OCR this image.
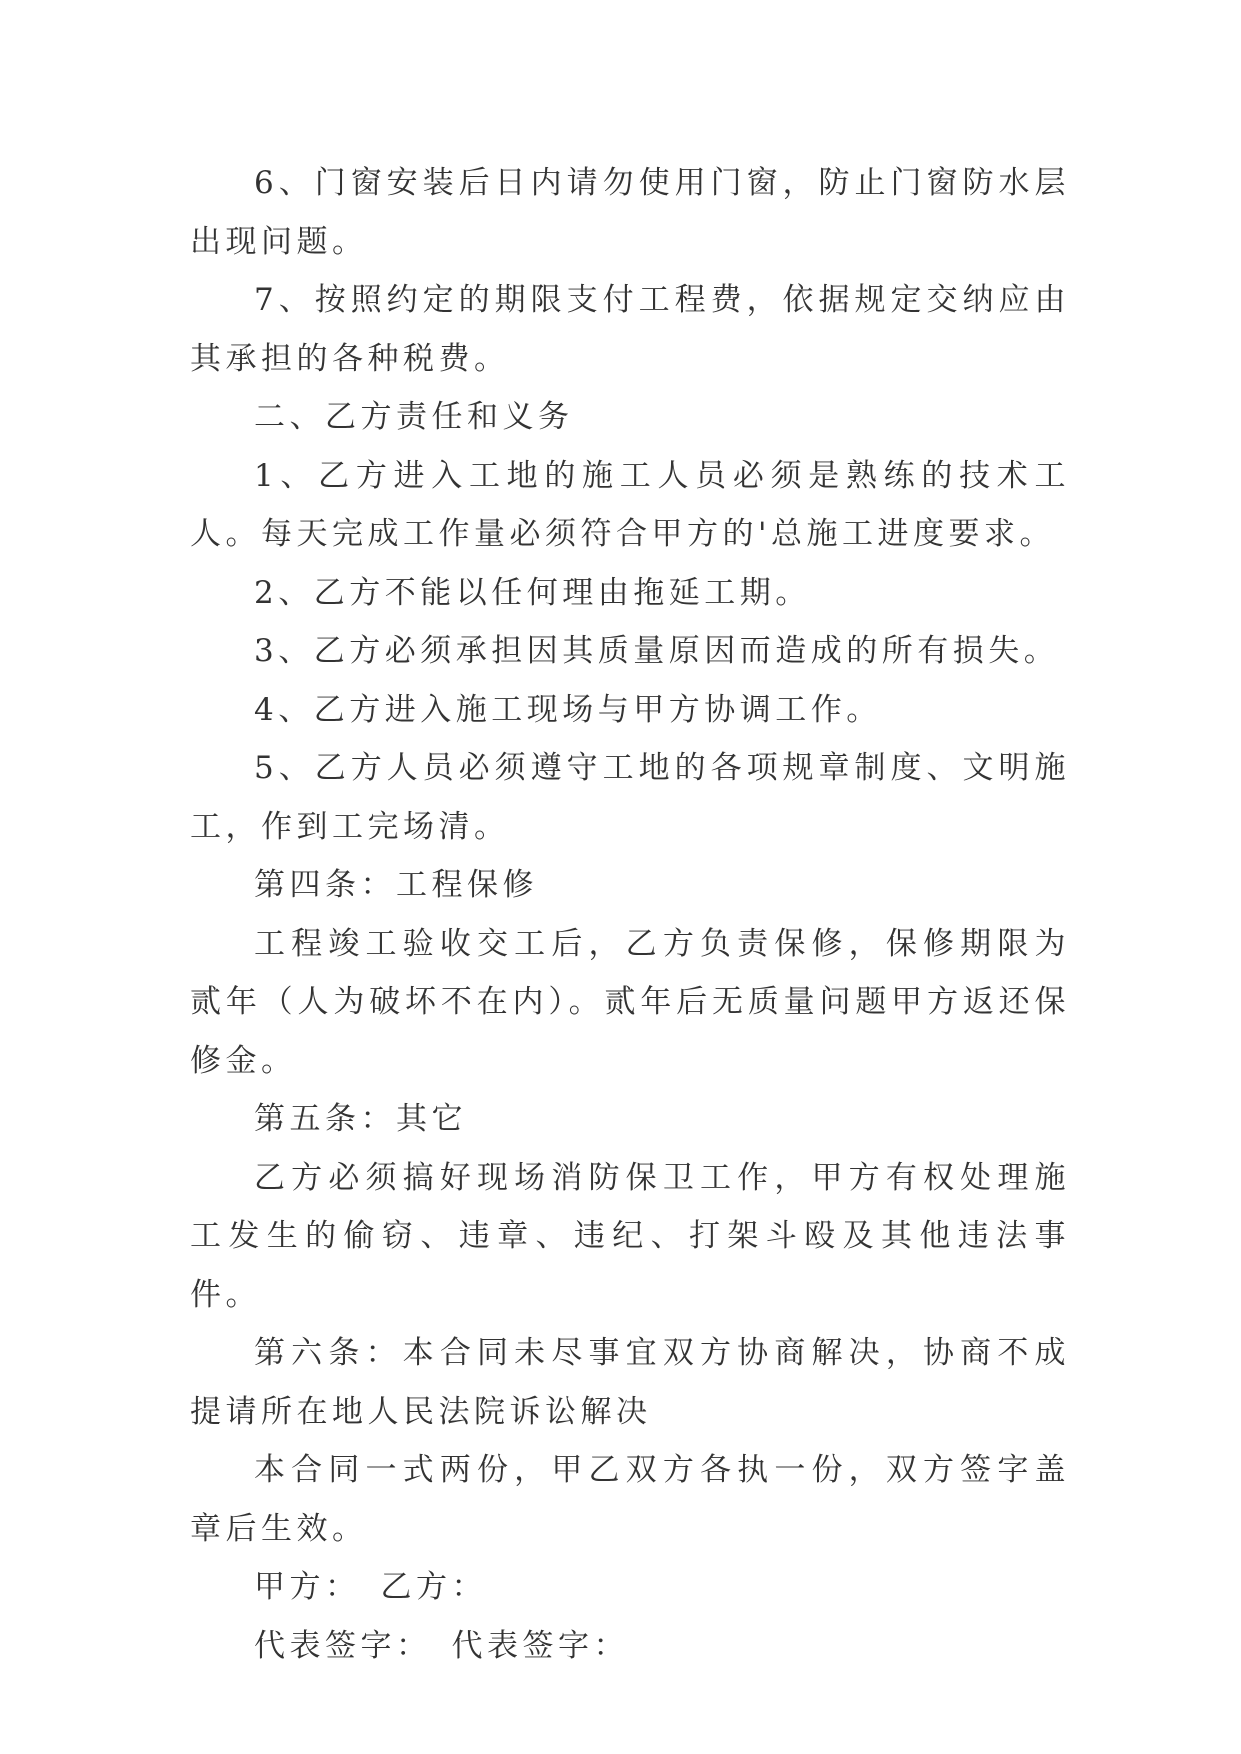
6、门窗安装后日内请勿使用门窗，防止门窗防水层出现问题。

7、按照约定的期限支付工程费，依据规定交纳应由其承担的各种税费。

二、乙方责任和义务

1、乙方进入工地的施工人员必须是熟练的技术工人。每天完成工作量必须符合甲方的'总施工进度要求。

2、乙方不能以任何理由拖延工期。

3、乙方必须承担因其质量原因而造成的所有损失。

4、乙方进入施工现场与甲方协调工作。

5、乙方人员必须遵守工地的各项规章制度、文明施工，作到工完场清。

第四条：工程保修

工程竣工验收交工后，乙方负责保修，保修期限为贰年（人为破坏不在内）。贰年后无质量问题甲方返还保修金。

第五条：其它

乙方必须搞好现场消防保卫工作，甲方有权处理施工发生的偷窃、违章、违纪、打架斗殴及其他违法事件。

第六条：本合同未尽事宜双方协商解决，协商不成提请所在地人民法院诉讼解决

本合同一式两份，甲乙双方各执一份，双方签字盖章后生效。

甲方：　乙方：

代表签字：　代表签字：
